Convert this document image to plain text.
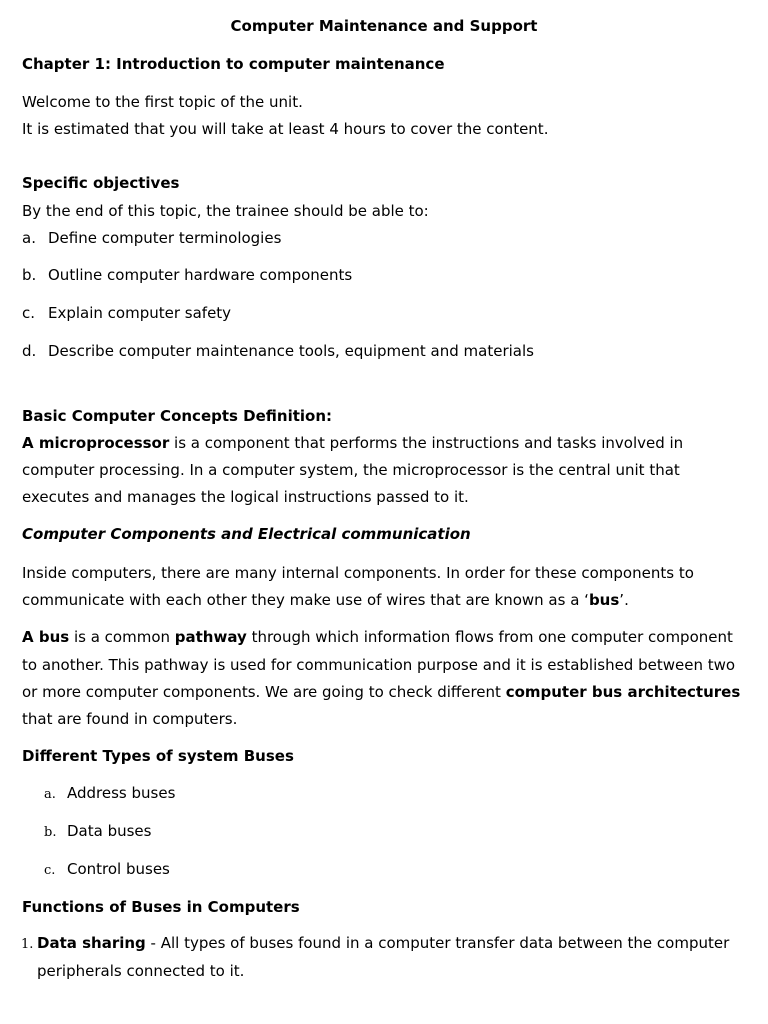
Computer Maintenance and Support
Chapter 1: Introduction to computer maintenance
Welcome to the first topic of the unit.
It is estimated that you will take at least 4 hours to cover the content.
Specific objectives
By the end of this topic, the trainee should be able to:
a. Define computer terminologies
b. Outline computer hardware components
c. Explain computer safety
d. Describe computer maintenance tools, equipment and materials
Basic Computer Concepts Definition:
A microprocessor is a component that performs the instructions and tasks involved in
computer processing. In a computer system, the microprocessor is the central unit that
executes and manages the logical instructions passed to it.
Computer Components and Electrical communication
Inside computers, there are many internal components. In order for these components to
communicate with each other they make use of wires that are known as a ‘bus’.
A bus is a common pathway through which information flows from one computer component
to another. This pathway is used for communication purpose and it is established between two
or more computer components. We are going to check different computer bus architectures
that are found in computers.
Different Types of system Buses
a. Address buses
b. Data buses
c. Control buses
Functions of Buses in Computers
1. Data sharing - All types of buses found in a computer transfer data between the computer
peripherals connected to it.
